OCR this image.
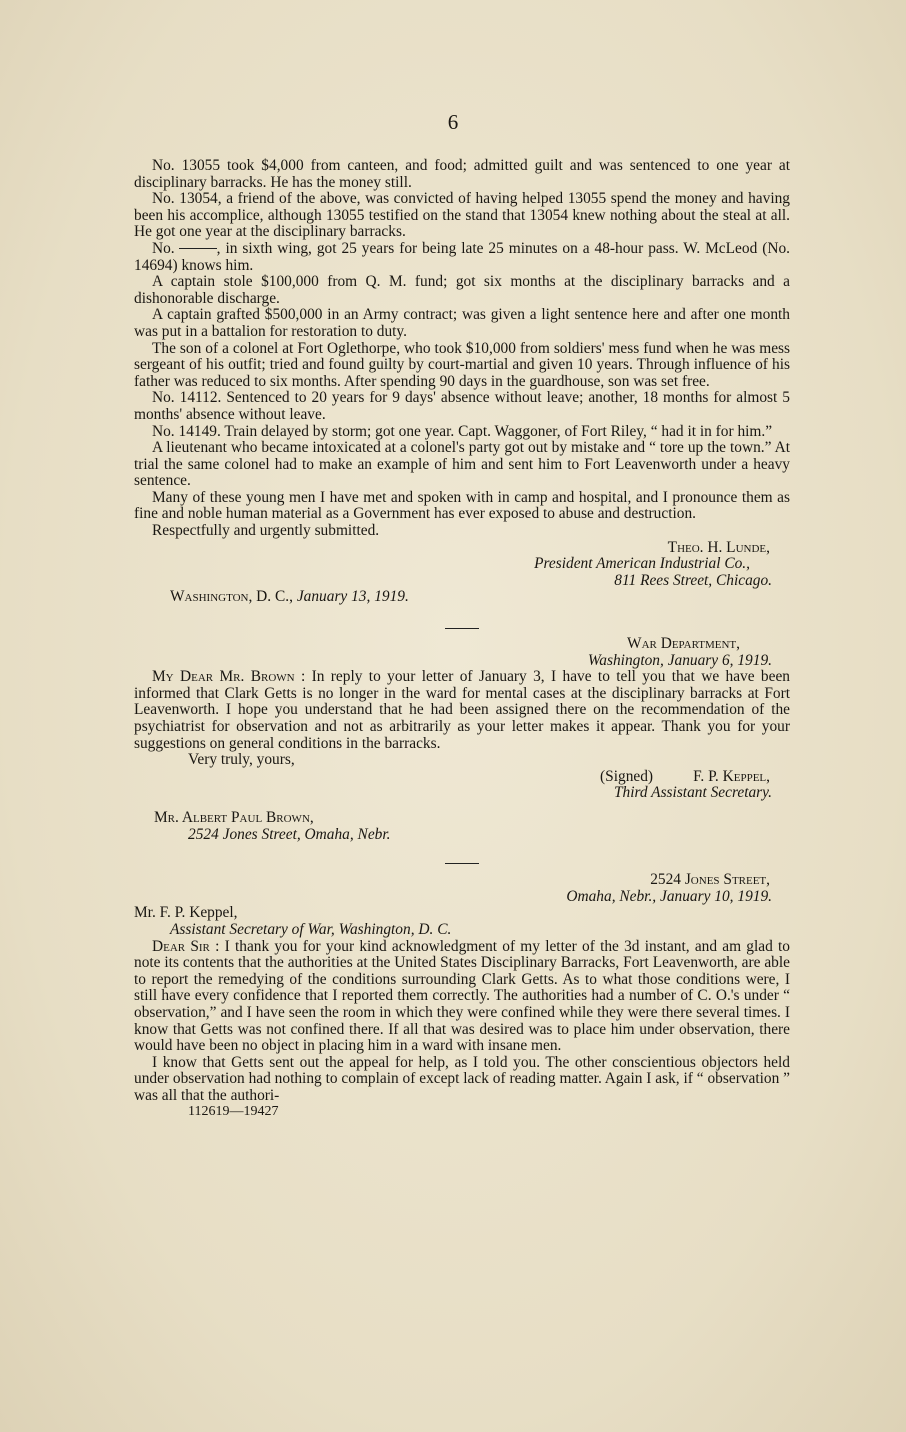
6

No. 13055 took $4,000 from canteen, and food; admitted guilt and was sentenced to one year at disciplinary barracks. He has the money still.

No. 13054, a friend of the above, was convicted of having helped 13055 spend the money and having been his accomplice, although 13055 testified on the stand that 13054 knew nothing about the steal at all. He got one year at the disciplinary barracks.

No.	, in sixth wing, got 25 years for being late 25 minutes on a 48-hour pass. W. McLeod (No. 14694) knows him.

A captain stole $100,000 from Q. M. fund; got six months at the disciplinary barracks and a dishonorable discharge.

A captain grafted $500,000 in an Army contract; was given a light sentence here and after one month was put in a battalion for restoration to duty.

The son of a colonel at Fort Oglethorpe, who took $10,000 from soldiers' mess fund when he was mess sergeant of his outfit; tried and found guilty by court-martial and given 10 years. Through influence of his father was reduced to six months. After spending 90 days in the guardhouse, son was set free.

No. 14112. Sentenced to 20 years for 9 days' absence without leave; another, 18 months for almost 5 months' absence without leave.

No. 14149. Train delayed by storm; got one year. Capt. Waggoner, of Fort Riley, “ had it in for him.”

A lieutenant who became intoxicated at a colonel's party got out by mistake and “ tore up the town.” At trial the same colonel had to make an example of him and sent him to Fort Leavenworth under a heavy sentence.

Many of these young men I have met and spoken with in camp and hospital, and I pronounce them as fine and noble human material as a Government has ever exposed to abuse and destruction.

Respectfully and urgently submitted.

Theo. H. Lunde,

President American Industrial Co.,

811 Rees Street, Chicago.

Washington, D. C., January 13, 1919.

War Department,

Washington, January 6, 1919.

My Dear Mr. Brown : In reply to your letter of January 3, I have to tell you that we have been informed that Clark Getts is no longer in the ward for mental cases at the disciplinary barracks at Fort Leavenworth. I hope you understand that he had been assigned there on the recommendation of the psychiatrist for observation and not as arbitrarily as your letter makes it appear. Thank you for your suggestions on general conditions in the barracks.

Very truly, yours,

(Signed)	F. P. Keppel,

Third Assistant Secretary.

Mr. Albert Paul Brown,

2524 Jones Street, Omaha, Nebr.

2524 Jones Street,

Omaha, Nebr., January 10, 1919.

Mr. F. P. Keppel,

Assistant Secretary of War, Washington, D. C.

Dear Sir : I thank you for your kind acknowledgment of my letter of the 3d instant, and am glad to note its contents that the authorities at the United States Disciplinary Barracks, Fort Leavenworth, are able to report the remedying of the conditions surrounding Clark Getts. As to what those conditions were, I still have every confidence that I reported them correctly. The authorities had a number of C. O.'s under “ observation,” and I have seen the room in which they were confined while they were there several times. I know that Getts was not confined there. If all that was desired was to place him under observation, there would have been no object in placing him in a ward with insane men.

I know that Getts sent out the appeal for help, as I told you. The other conscientious objectors held under observation had nothing to complain of except lack of reading matter. Again I ask, if “ observation ” was all that the authori-

112619—19427
